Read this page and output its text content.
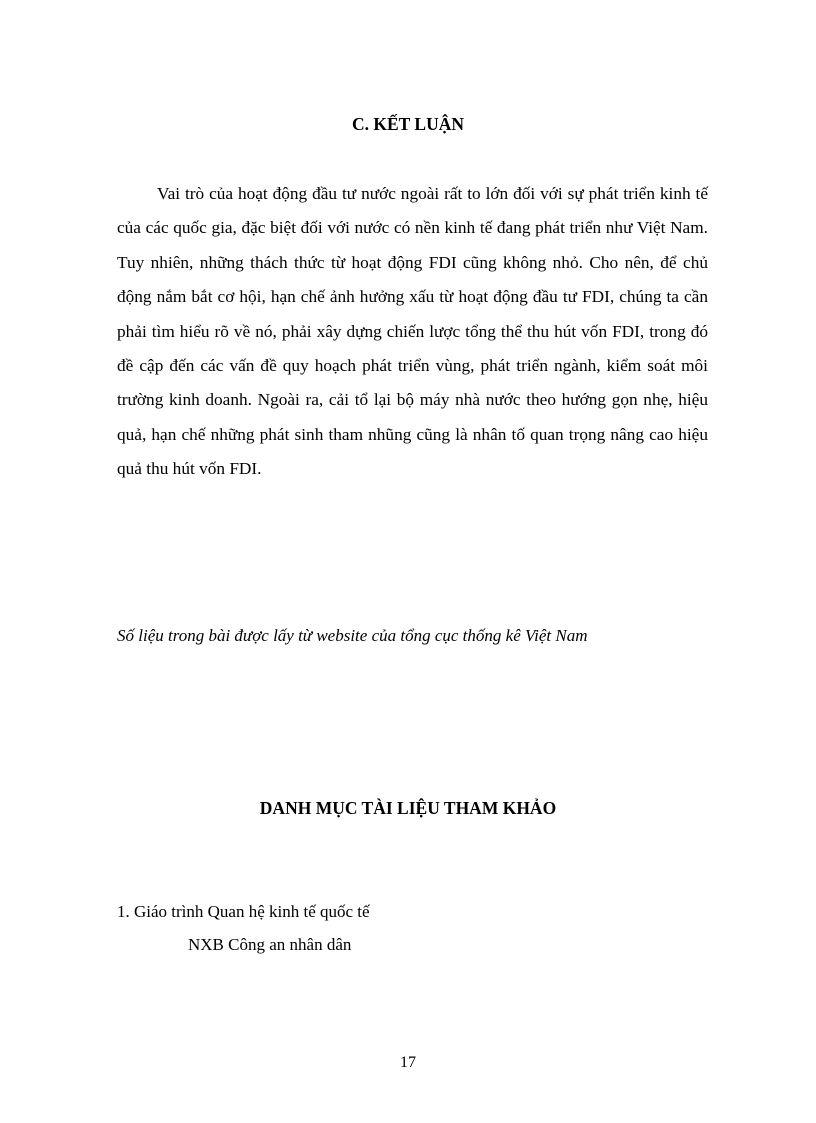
C. KẾT LUẬN

Vai trò của hoạt động đầu tư nước ngoài rất to lớn đối với sự phát triển kinh tế của các quốc gia, đặc biệt đối với nước có nền kinh tế đang phát triển như Việt Nam. Tuy nhiên, những thách thức từ hoạt động FDI cũng không nhỏ. Cho nên, để chủ động nắm bắt cơ hội, hạn chế ảnh hưởng xấu từ hoạt động đầu tư FDI, chúng ta cần phải tìm hiểu rõ về nó, phải xây dựng chiến lược tổng thể thu hút vốn FDI, trong đó đề cập đến các vấn đề quy hoạch phát triển vùng, phát triển ngành, kiểm soát môi trường kinh doanh. Ngoài ra, cải tổ lại bộ máy nhà nước theo hướng gọn nhẹ, hiệu quả, hạn chế những phát sinh tham nhũng cũng là nhân tố quan trọng nâng cao hiệu quả thu hút vốn FDI.

Số liệu trong bài được lấy từ website của tổng cục thống kê Việt Nam
DANH MỤC TÀI LIỆU THAM KHẢO
1. Giáo trình Quan hệ kinh tế quốc tế
NXB Công an nhân dân
17
